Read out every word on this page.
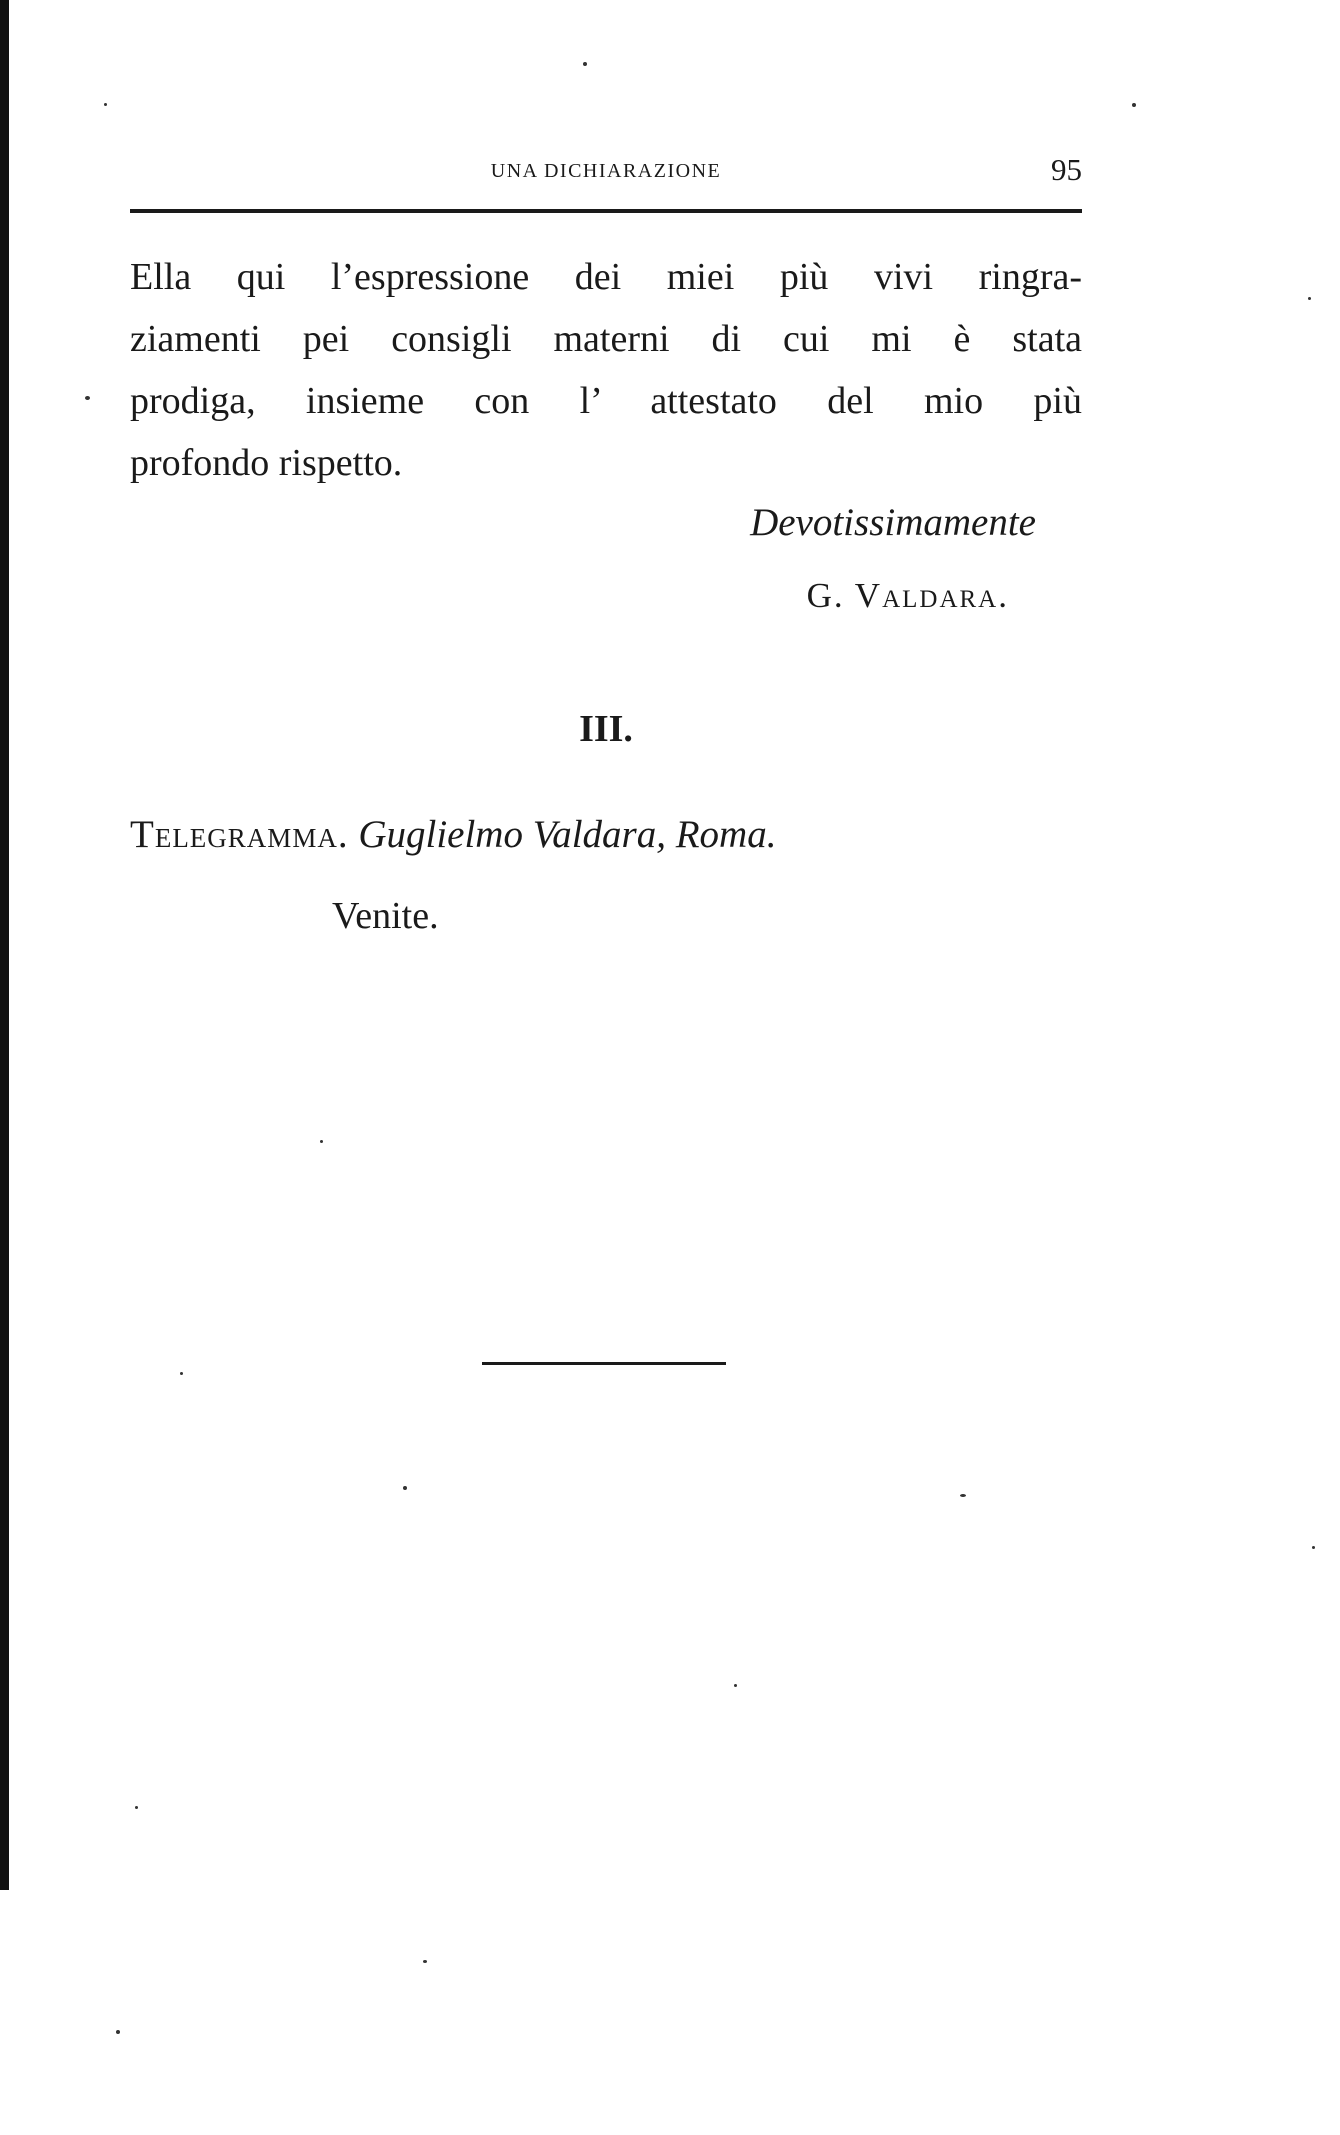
UNA DICHIARAZIONE	95
Ella qui l’espressione dei miei più vivi ringra-
ziamenti pei consigli materni di cui mi è stata
prodiga, insieme con l’ attestato del mio più
profondo rispetto.
Devotissimamente
G. Valdara.
III.
Telegramma. Guglielmo Valdara, Roma.
Venite.
